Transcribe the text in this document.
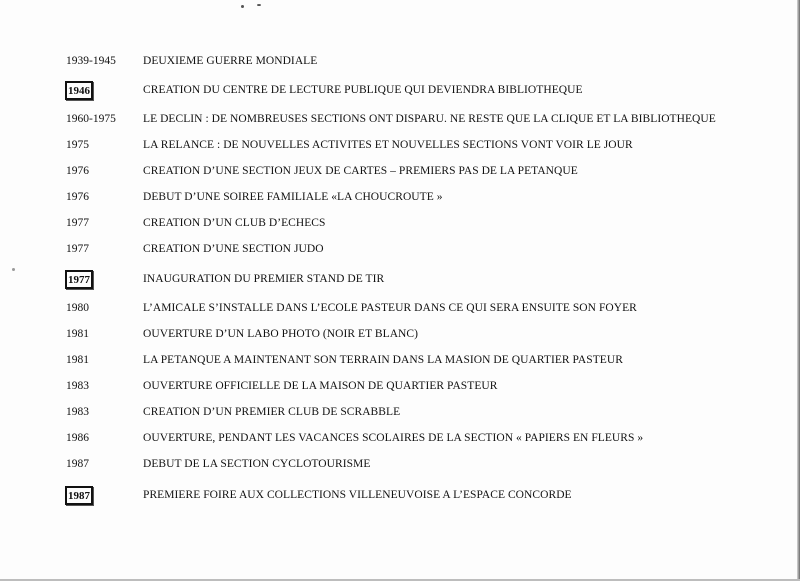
1939-1945 DEUXIEME GUERRE MONDIALE
1946	CREATION DU CENTRE DE LECTURE PUBLIQUE QUI DEVIENDRA BIBLIOTHEQUE
1960-1975 LE DECLIN : DE NOMBREUSES SECTIONS ONT DISPARU. NE RESTE QUE LA CLIQUE ET LA BIBLIOTHEQUE
1975	LA RELANCE : DE NOUVELLES ACTIVITES ET NOUVELLES SECTIONS VONT VOIR LE JOUR
1976	CREATION D’UNE SECTION JEUX DE CARTES – PREMIERS PAS DE LA PETANQUE
1976	DEBUT D’UNE SOIREE FAMILIALE «LA CHOUCROUTE »
1977	CREATION D’UN CLUB D’ECHECS
1977	CREATION D’UNE SECTION JUDO
1977	INAUGURATION DU PREMIER STAND DE TIR
1980	L’AMICALE S’INSTALLE DANS L’ECOLE PASTEUR DANS CE QUI SERA ENSUITE SON FOYER
1981	OUVERTURE D’UN LABO PHOTO (NOIR ET BLANC)
1981	LA PETANQUE A MAINTENANT SON TERRAIN DANS LA MASION DE QUARTIER PASTEUR
1983	OUVERTURE OFFICIELLE DE LA MAISON DE QUARTIER PASTEUR
1983	CREATION D’UN PREMIER CLUB DE SCRABBLE
1986	OUVERTURE, PENDANT LES VACANCES SCOLAIRES DE LA SECTION « PAPIERS EN FLEURS »
1987	DEBUT DE LA SECTION CYCLOTOURISME
1987	PREMIERE FOIRE AUX COLLECTIONS VILLENEUVOISE A L’ESPACE CONCORDE
